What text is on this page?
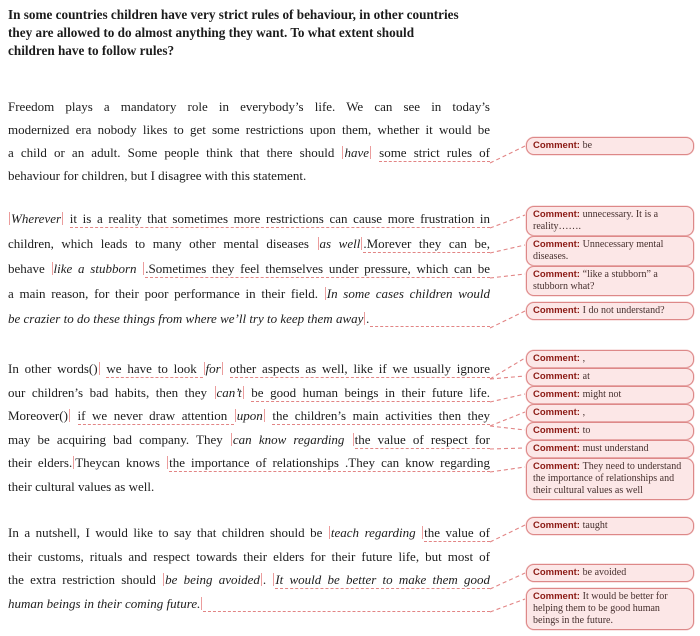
In some countries children have very strict rules of behaviour, in other countries
they are allowed to do almost anything they want. To what extent should
children have to follow rules?
Freedom plays a mandatory role in everybody’s life. We can see in today’s
modernized era nobody likes to get some restrictions upon them, whether it would be
a child or an adult. Some people think that there should have some strict rules of
behaviour for children, but I disagree with this statement.
Wherever it is a reality that sometimes more restrictions can cause more frustration in
children, which leads to many other mental diseases as well .Morever they can be,
behave like a stubborn .Sometimes they feel themselves under pressure, which can be
a main reason, for their poor performance in their field. In some cases children would
be crazier to do these things from where we’ll try to keep them away .
In other words() we have to look for other aspects as well, like if we usually ignore
our children’s bad habits, then they can’t be good human beings in their future life.
Moreover() if we never draw attention upon the children’s main activities then they
may be acquiring bad company. They can know regarding the value of respect for
their elders. Theycan knows the importance of relationships .They can know regarding
their cultural values as well.
In a nutshell, I would like to say that children should be teach regarding the value of
their customs, rituals and respect towards their elders for their future life, but most of
the extra restriction should be being avoided . It would be better to make them good
human beings in their coming future.
Comment: be
Comment: unnecessary. It is a reality…….
Comment: Unnecessary mental diseases.
Comment: “like a stubborn” a stubborn what?
Comment: I do not understand?
Comment: ,
Comment: at
Comment: might not
Comment: ,
Comment: to
Comment: must understand
Comment: They need to understand the importance of relationships and their cultural values as well
Comment: taught
Comment: be avoided
Comment: It would be better for helping them to be good human beings in the future.
